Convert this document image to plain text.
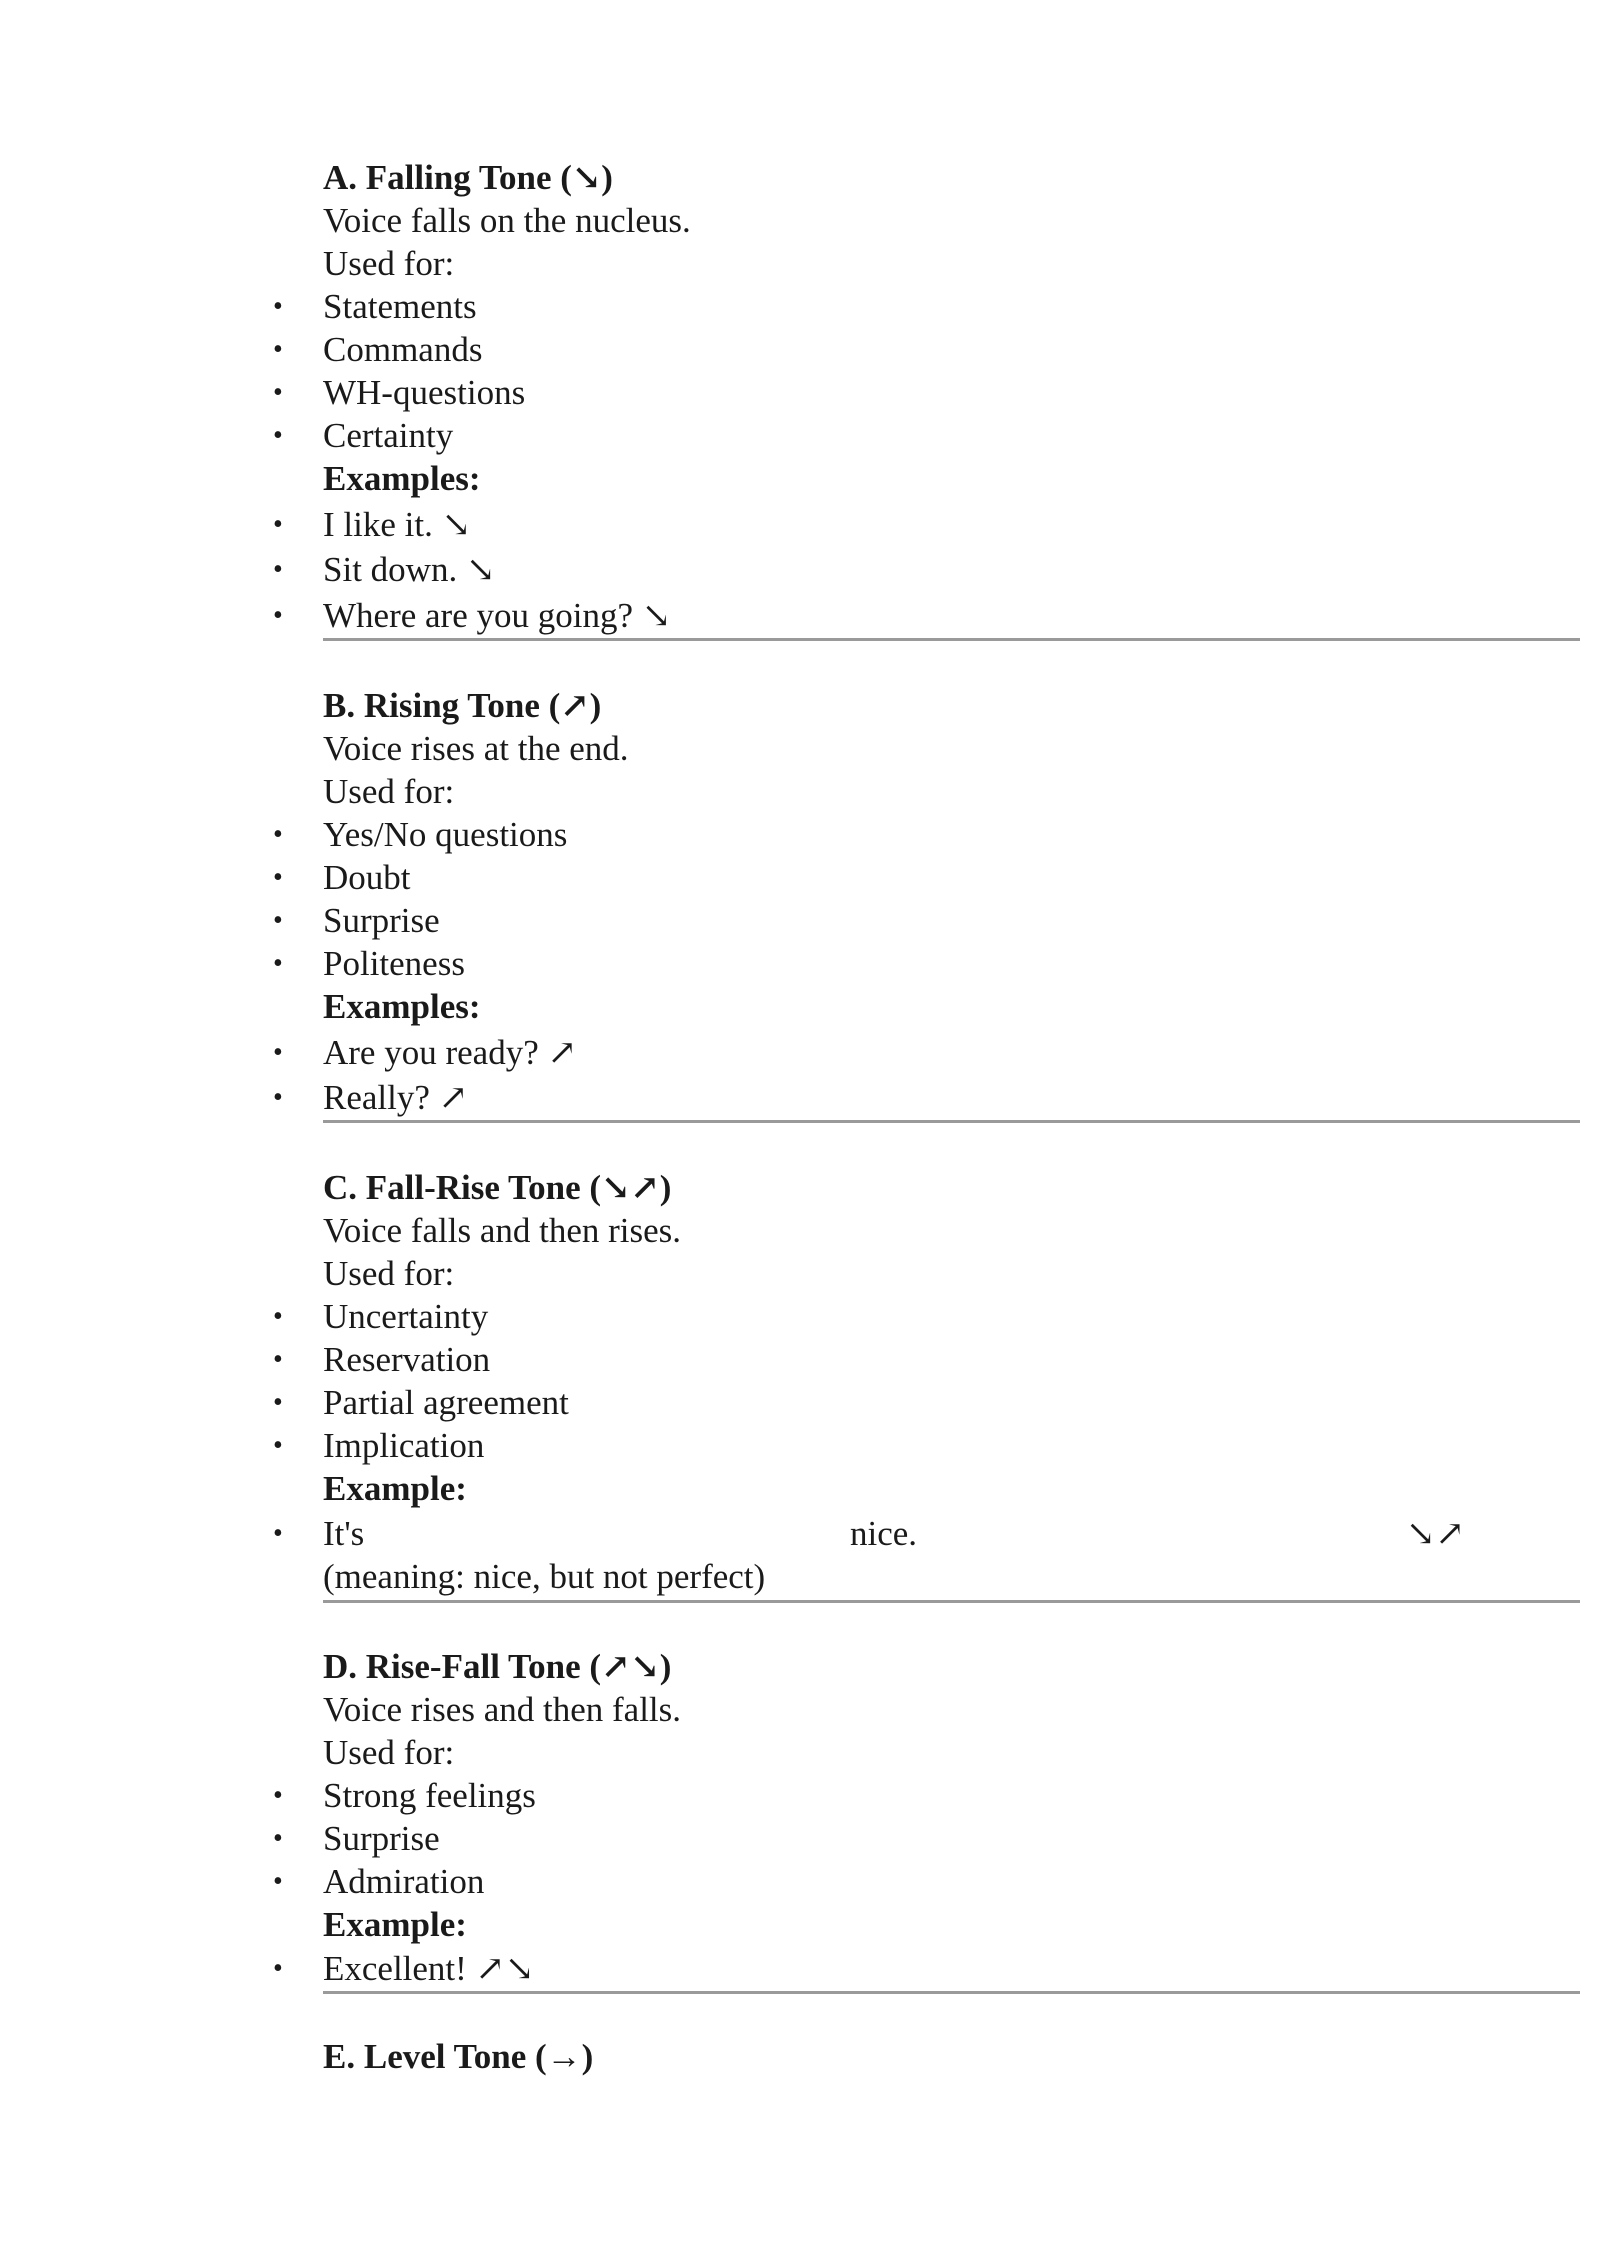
A. Falling Tone (↘)
Voice falls on the nucleus.
Used for:
• Statements
• Commands
• WH-questions
• Certainty
Examples:
• I like it. ↘
• Sit down. ↘
• Where are you going? ↘
B. Rising Tone (↗)
Voice rises at the end.
Used for:
• Yes/No questions
• Doubt
• Surprise
• Politeness
Examples:
• Are you ready? ↗
• Really? ↗
C. Fall-Rise Tone (↘↗)
Voice falls and then rises.
Used for:
• Uncertainty
• Reservation
• Partial agreement
• Implication
Example:
• It's	nice.	↘↗
(meaning: nice, but not perfect)
D. Rise-Fall Tone (↗↘)
Voice rises and then falls.
Used for:
• Strong feelings
• Surprise
• Admiration
Example:
• Excellent! ↗↘
E. Level Tone (→)
